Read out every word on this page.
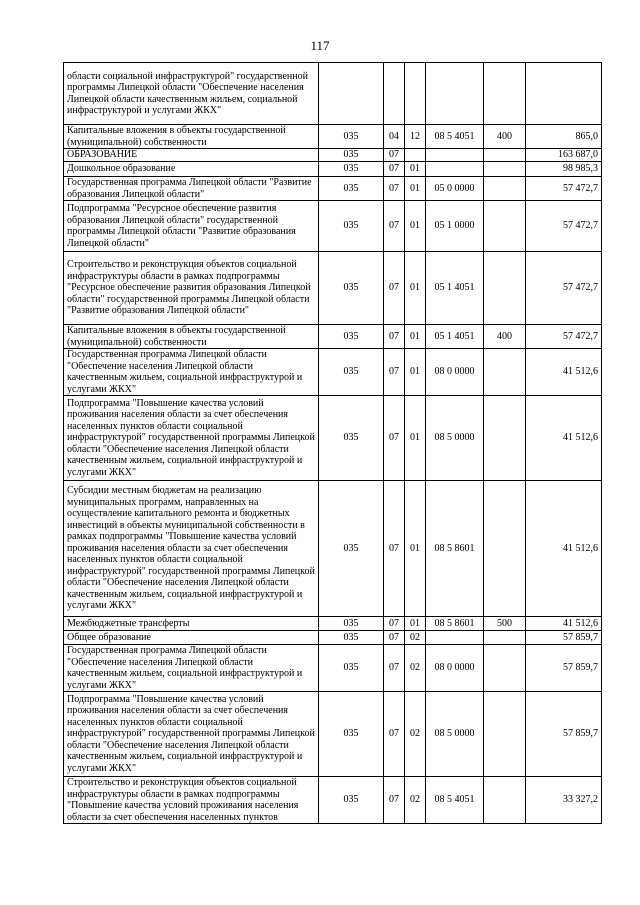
117
области социальной инфраструктурой" государственной программы Липецкой области "Обеспечение населения Липецкой области качественным жильем, социальной инфраструктурой и услугами ЖКХ"						
Капитальные вложения в объекты государственной (муниципальной) собственности	035	04	12	08 5 4051	400	865,0
ОБРАЗОВАНИЕ	035	07				163 687,0
Дошкольное образование	035	07	01			98 985,3
Государственная программа Липецкой области "Развитие образования Липецкой области"	035	07	01	05 0 0000		57 472,7
Подпрограмма "Ресурсное обеспечение развития образования Липецкой области" государственной программы Липецкой области "Развитие образования Липецкой области"	035	07	01	05 1 0000		57 472,7
Строительство и реконструкция объектов социальной инфраструктуры области в рамках подпрограммы "Ресурсное обеспечение развития образования Липецкой области" государственной программы Липецкой области "Развитие образования Липецкой области"	035	07	01	05 1 4051		57 472,7
Капитальные вложения в объекты государственной (муниципальной) собственности	035	07	01	05 1 4051	400	57 472,7
Государственная программа Липецкой области "Обеспечение населения Липецкой области качественным жильем, социальной инфраструктурой и услугами ЖКХ"	035	07	01	08 0 0000		41 512,6
Подпрограмма "Повышение качества условий проживания населения области за счет обеспечения населенных пунктов области социальной инфраструктурой" государственной программы Липецкой области "Обеспечение населения Липецкой области качественным жильем, социальной инфраструктурой и услугами ЖКХ"	035	07	01	08 5 0000		41 512,6
Субсидии местным бюджетам на реализацию муниципальных программ, направленных на осуществление капитального ремонта и бюджетных инвестиций в объекты муниципальной собственности в рамках подпрограммы "Повышение качества условий проживания населения области за счет обеспечения населенных пунктов области социальной инфраструктурой" государственной программы Липецкой области "Обеспечение населения Липецкой области качественным жильем, социальной инфраструктурой и услугами ЖКХ"	035	07	01	08 5 8601		41 512,6
Межбюджетные трансферты	035	07	01	08 5 8601	500	41 512,6
Общее образование	035	07	02			57 859,7
Государственная программа Липецкой области "Обеспечение населения Липецкой области качественным жильем, социальной инфраструктурой и услугами ЖКХ"	035	07	02	08 0 0000		57 859,7
Подпрограмма "Повышение качества условий проживания населения области за счет обеспечения населенных пунктов области социальной инфраструктурой" государственной программы Липецкой области "Обеспечение населения Липецкой области качественным жильем, социальной инфраструктурой и услугами ЖКХ"	035	07	02	08 5 0000		57 859,7
Строительство и реконструкция объектов социальной инфраструктуры области в рамках подпрограммы "Повышение качества условий проживания населения области за счет обеспечения населенных пунктов	035	07	02	08 5 4051		33 327,2
